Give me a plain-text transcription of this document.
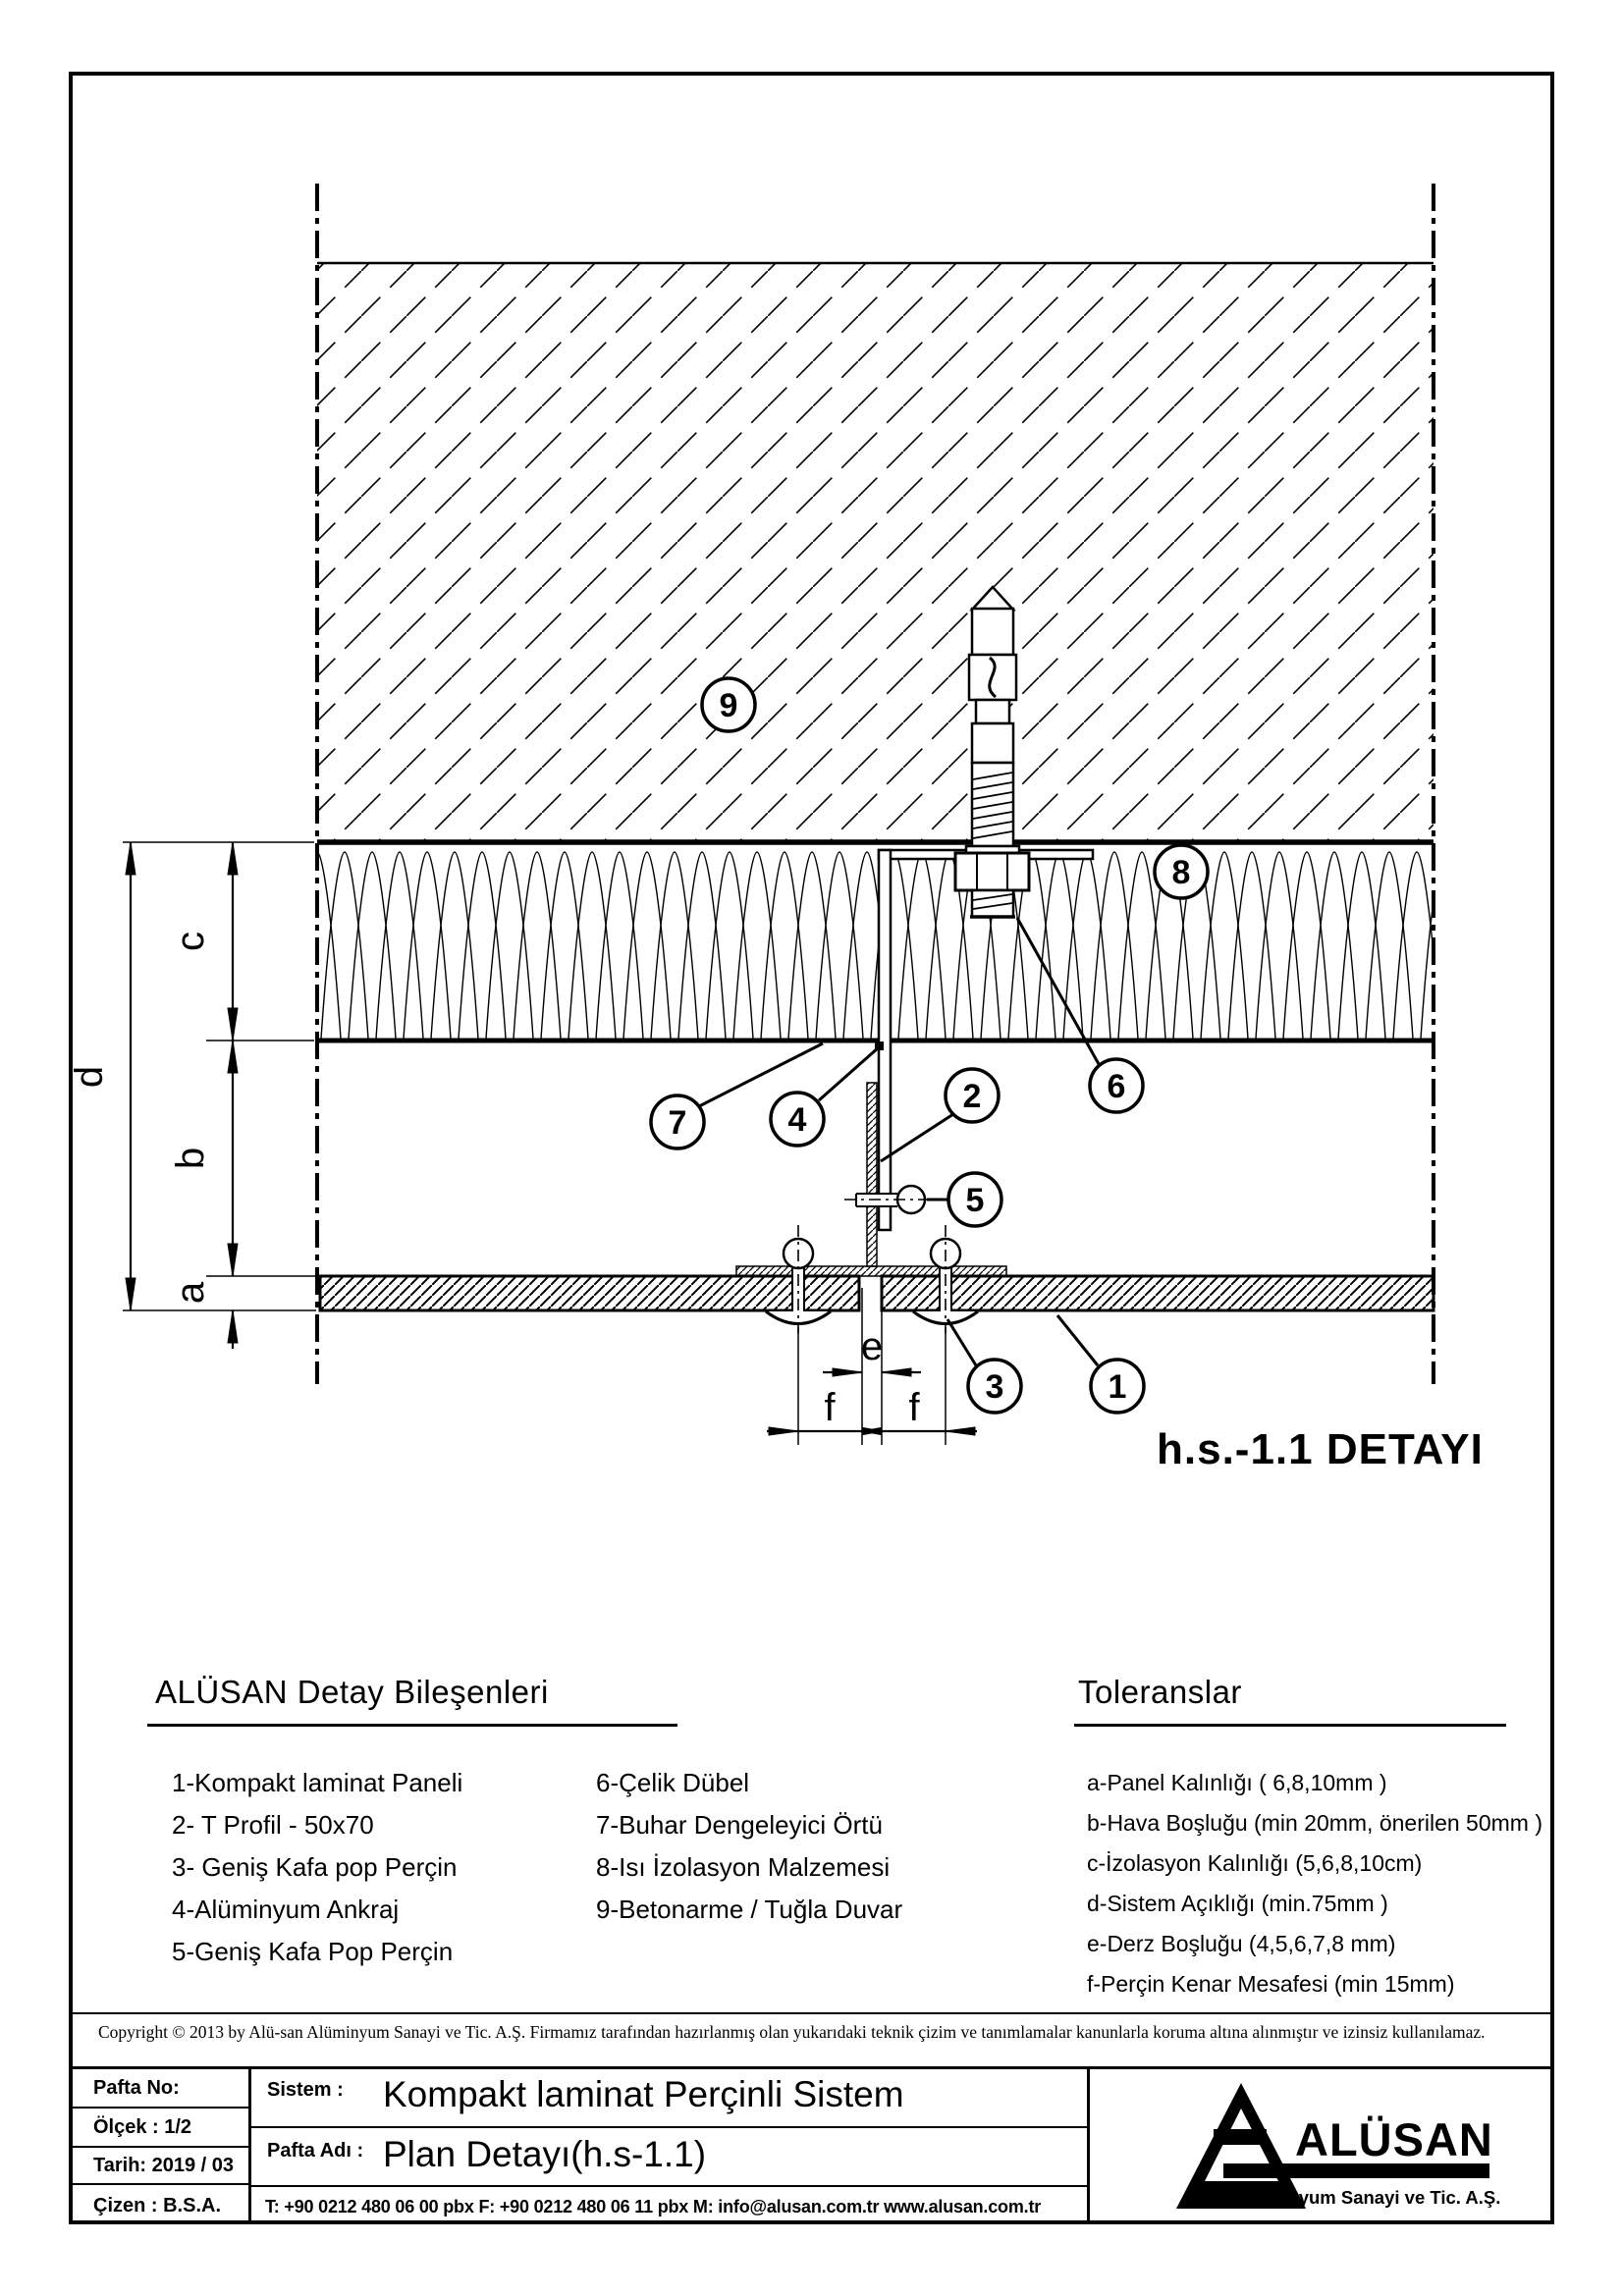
d
c
b
a
e
f f
9
8
7	4
2	6
5
3	1
h.s.-1.1 DETAYI
ALÜSAN Detay Bileşenleri
1-Kompakt laminat Paneli
2- T Profil - 50x70
3- Geniş Kafa pop Perçin
4-Alüminyum Ankraj
5-Geniş Kafa Pop Perçin
6-Çelik Dübel
7-Buhar Dengeleyici Örtü
8-Isı İzolasyon Malzemesi
9-Betonarme / Tuğla Duvar
Toleranslar
a-Panel Kalınlığı ( 6,8,10mm )
b-Hava Boşluğu (min 20mm, önerilen 50mm )
c-İzolasyon Kalınlığı (5,6,8,10cm)
d-Sistem Açıklığı (min.75mm )
e-Derz Boşluğu (4,5,6,7,8 mm)
f-Perçin Kenar Mesafesi (min 15mm)
Copyright © 2013 by Alü-san Alüminyum Sanayi ve Tic. A.Ş. Firmamız tarafından hazırlanmış olan yukarıdaki teknik çizim ve tanımlamalar kanunlarla koruma altına alınmıştır ve izinsiz kullanılamaz.
Pafta No:
Ölçek : 1/2
Tarih: 2019 / 03
Çizen : B.S.A.
Sistem : Kompakt laminat Perçinli Sistem
Pafta Adı : Plan Detayı(h.s-1.1)
T: +90 0212 480 06 00 pbx F: +90 0212 480 06 11 pbx M: info@alusan.com.tr www.alusan.com.tr
ALÜSAN
Alüminyum Sanayi ve Tic. A.Ş.
